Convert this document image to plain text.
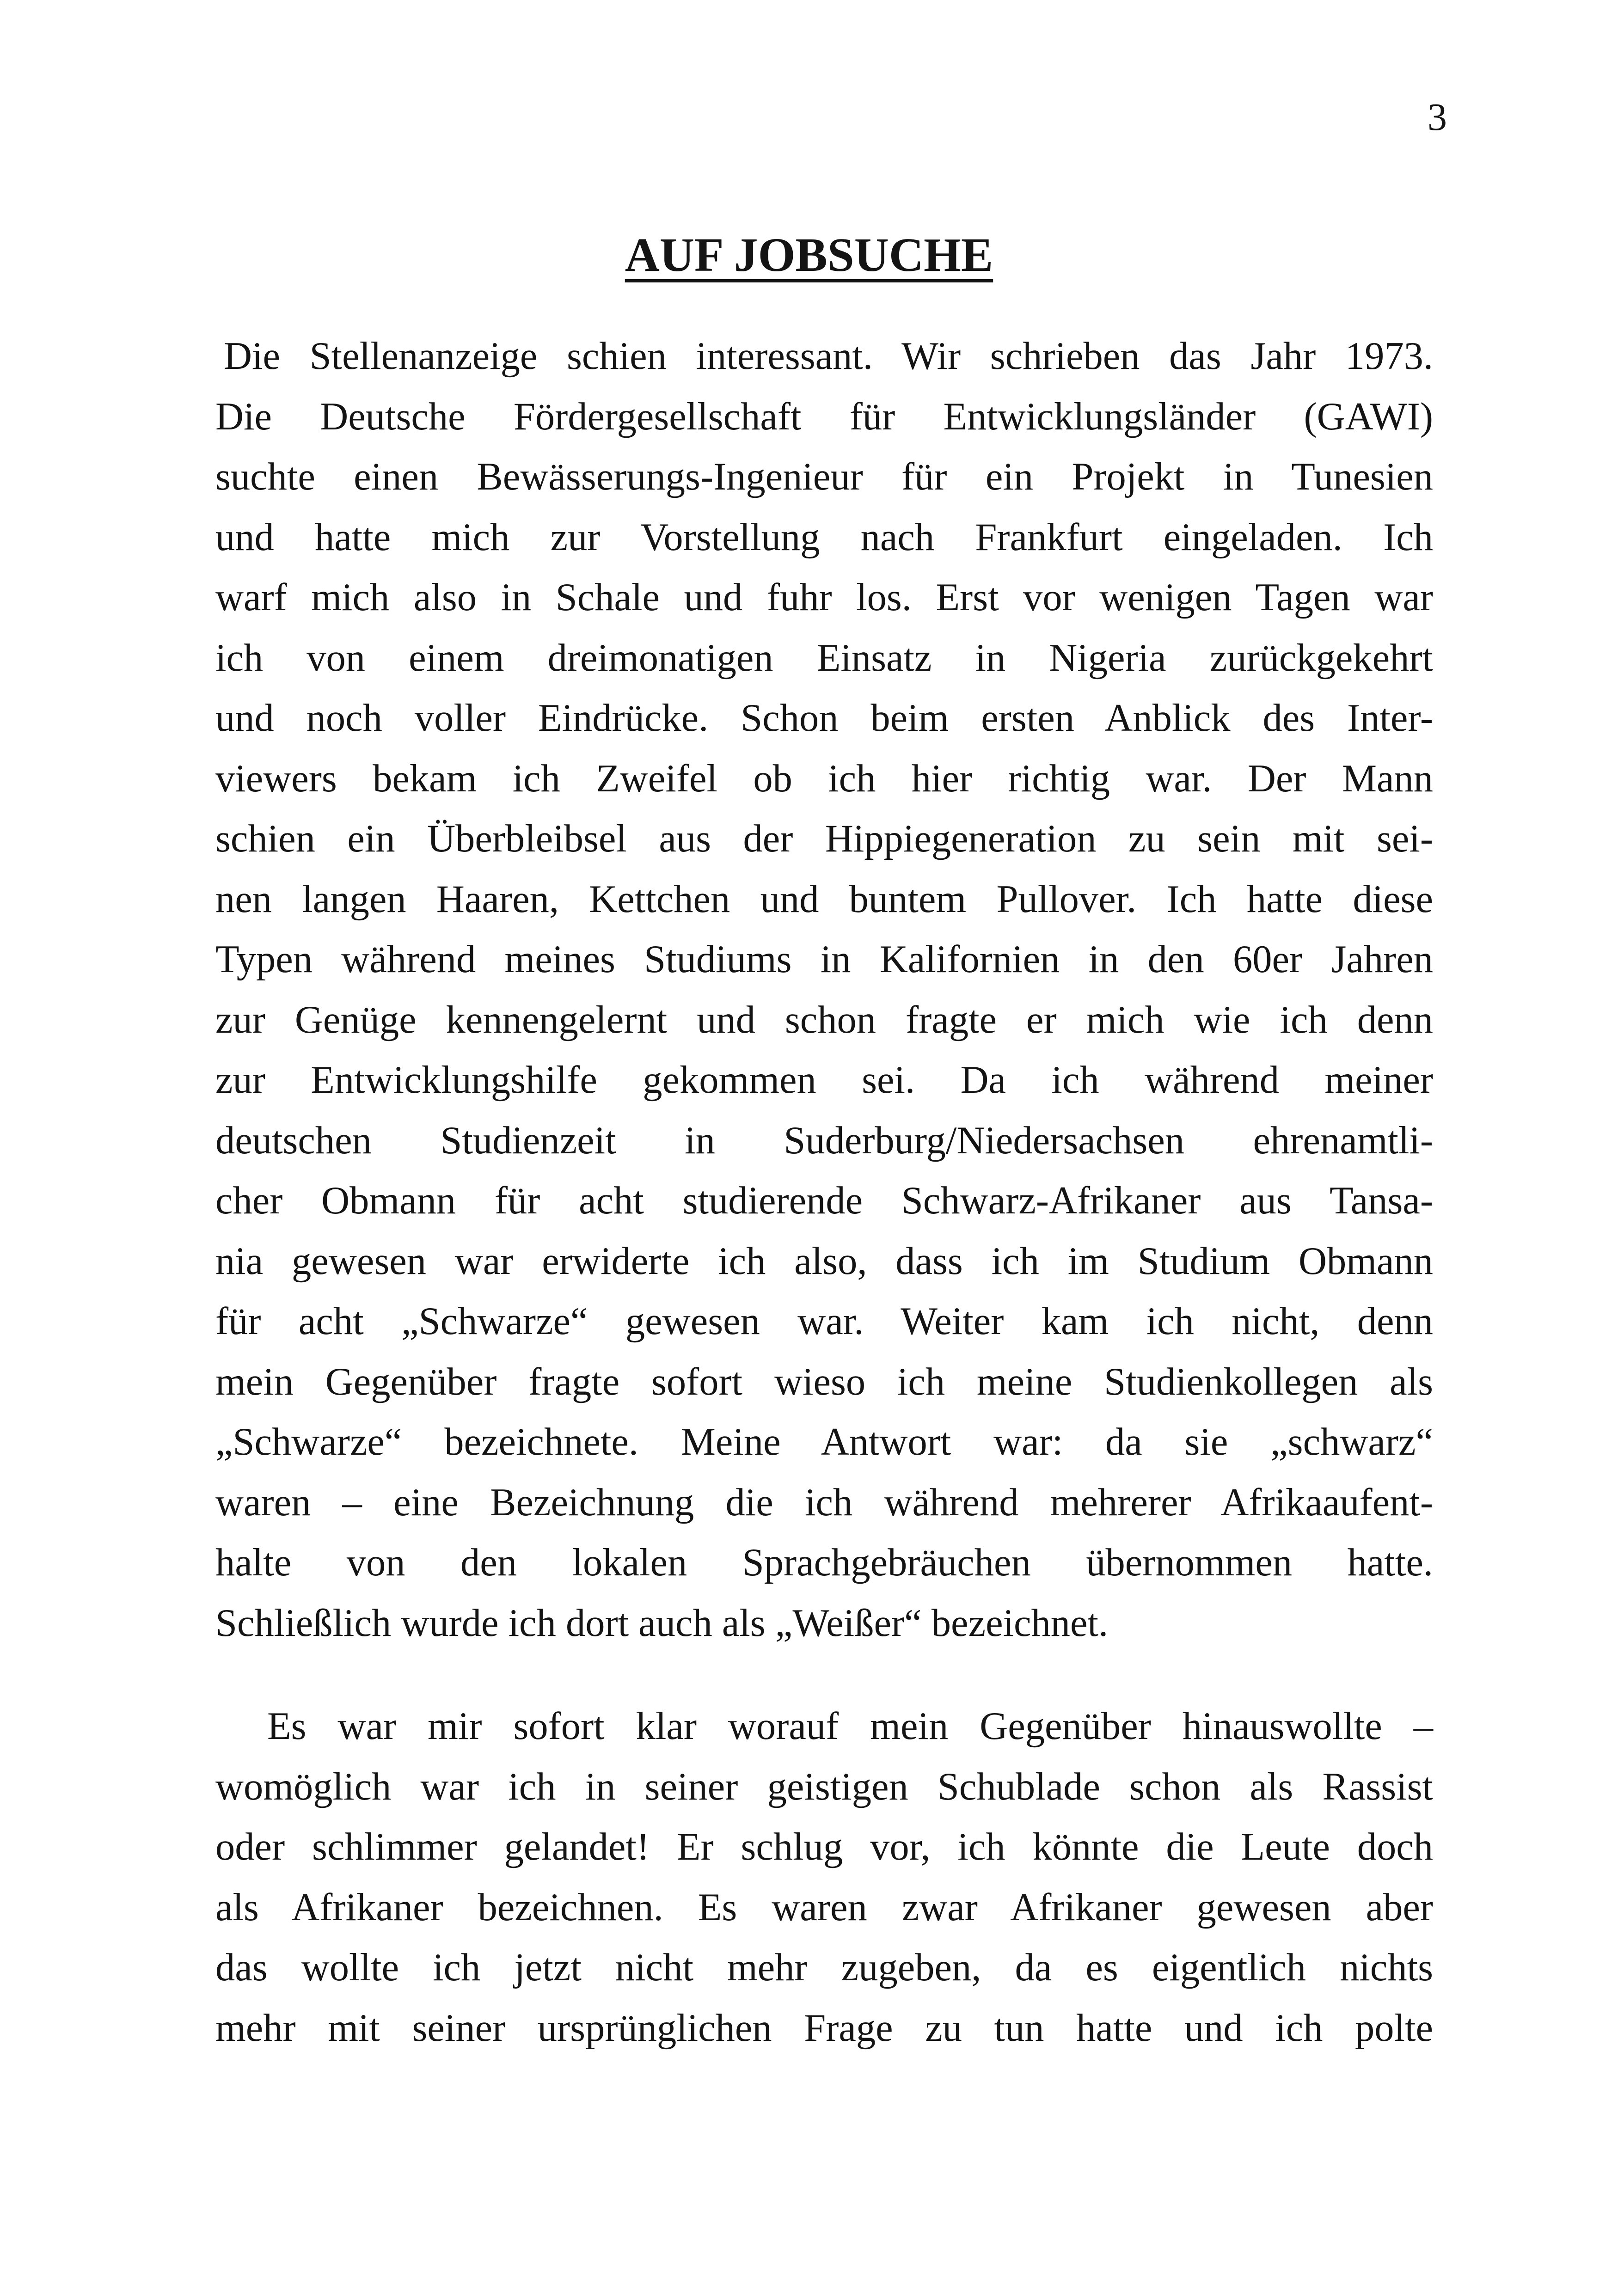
3
AUF JOBSUCHE
Die Stellenanzeige schien interessant. Wir schrieben das Jahr 1973.
Die Deutsche Fördergesellschaft für Entwicklungsländer (GAWI)
suchte einen Bewässerungs-Ingenieur für ein Projekt in Tunesien
und hatte mich zur Vorstellung nach Frankfurt eingeladen. Ich
warf mich also in Schale und fuhr los. Erst vor wenigen Tagen war
ich von einem dreimonatigen Einsatz in Nigeria zurückgekehrt
und noch voller Eindrücke. Schon beim ersten Anblick des Inter-
viewers bekam ich Zweifel ob ich hier richtig war. Der Mann
schien ein Überbleibsel aus der Hippiegeneration zu sein mit sei-
nen langen Haaren, Kettchen und buntem Pullover. Ich hatte diese
Typen während meines Studiums in Kalifornien in den 60er Jahren
zur Genüge kennengelernt und schon fragte er mich wie ich denn
zur Entwicklungshilfe gekommen sei. Da ich während meiner
deutschen Studienzeit in Suderburg/Niedersachsen ehrenamtli-
cher Obmann für acht studierende Schwarz-Afrikaner aus Tansa-
nia gewesen war erwiderte ich also, dass ich im Studium Obmann
für acht „Schwarze“ gewesen war. Weiter kam ich nicht, denn
mein Gegenüber fragte sofort wieso ich meine Studienkollegen als
„Schwarze“ bezeichnete. Meine Antwort war: da sie „schwarz“
waren – eine Bezeichnung die ich während mehrerer Afrikaaufent-
halte von den lokalen Sprachgebräuchen übernommen hatte.
Schließlich wurde ich dort auch als „Weißer“ bezeichnet.
Es war mir sofort klar worauf mein Gegenüber hinauswollte –
womöglich war ich in seiner geistigen Schublade schon als Rassist
oder schlimmer gelandet! Er schlug vor, ich könnte die Leute doch
als Afrikaner bezeichnen. Es waren zwar Afrikaner gewesen aber
das wollte ich jetzt nicht mehr zugeben, da es eigentlich nichts
mehr mit seiner ursprünglichen Frage zu tun hatte und ich polte
